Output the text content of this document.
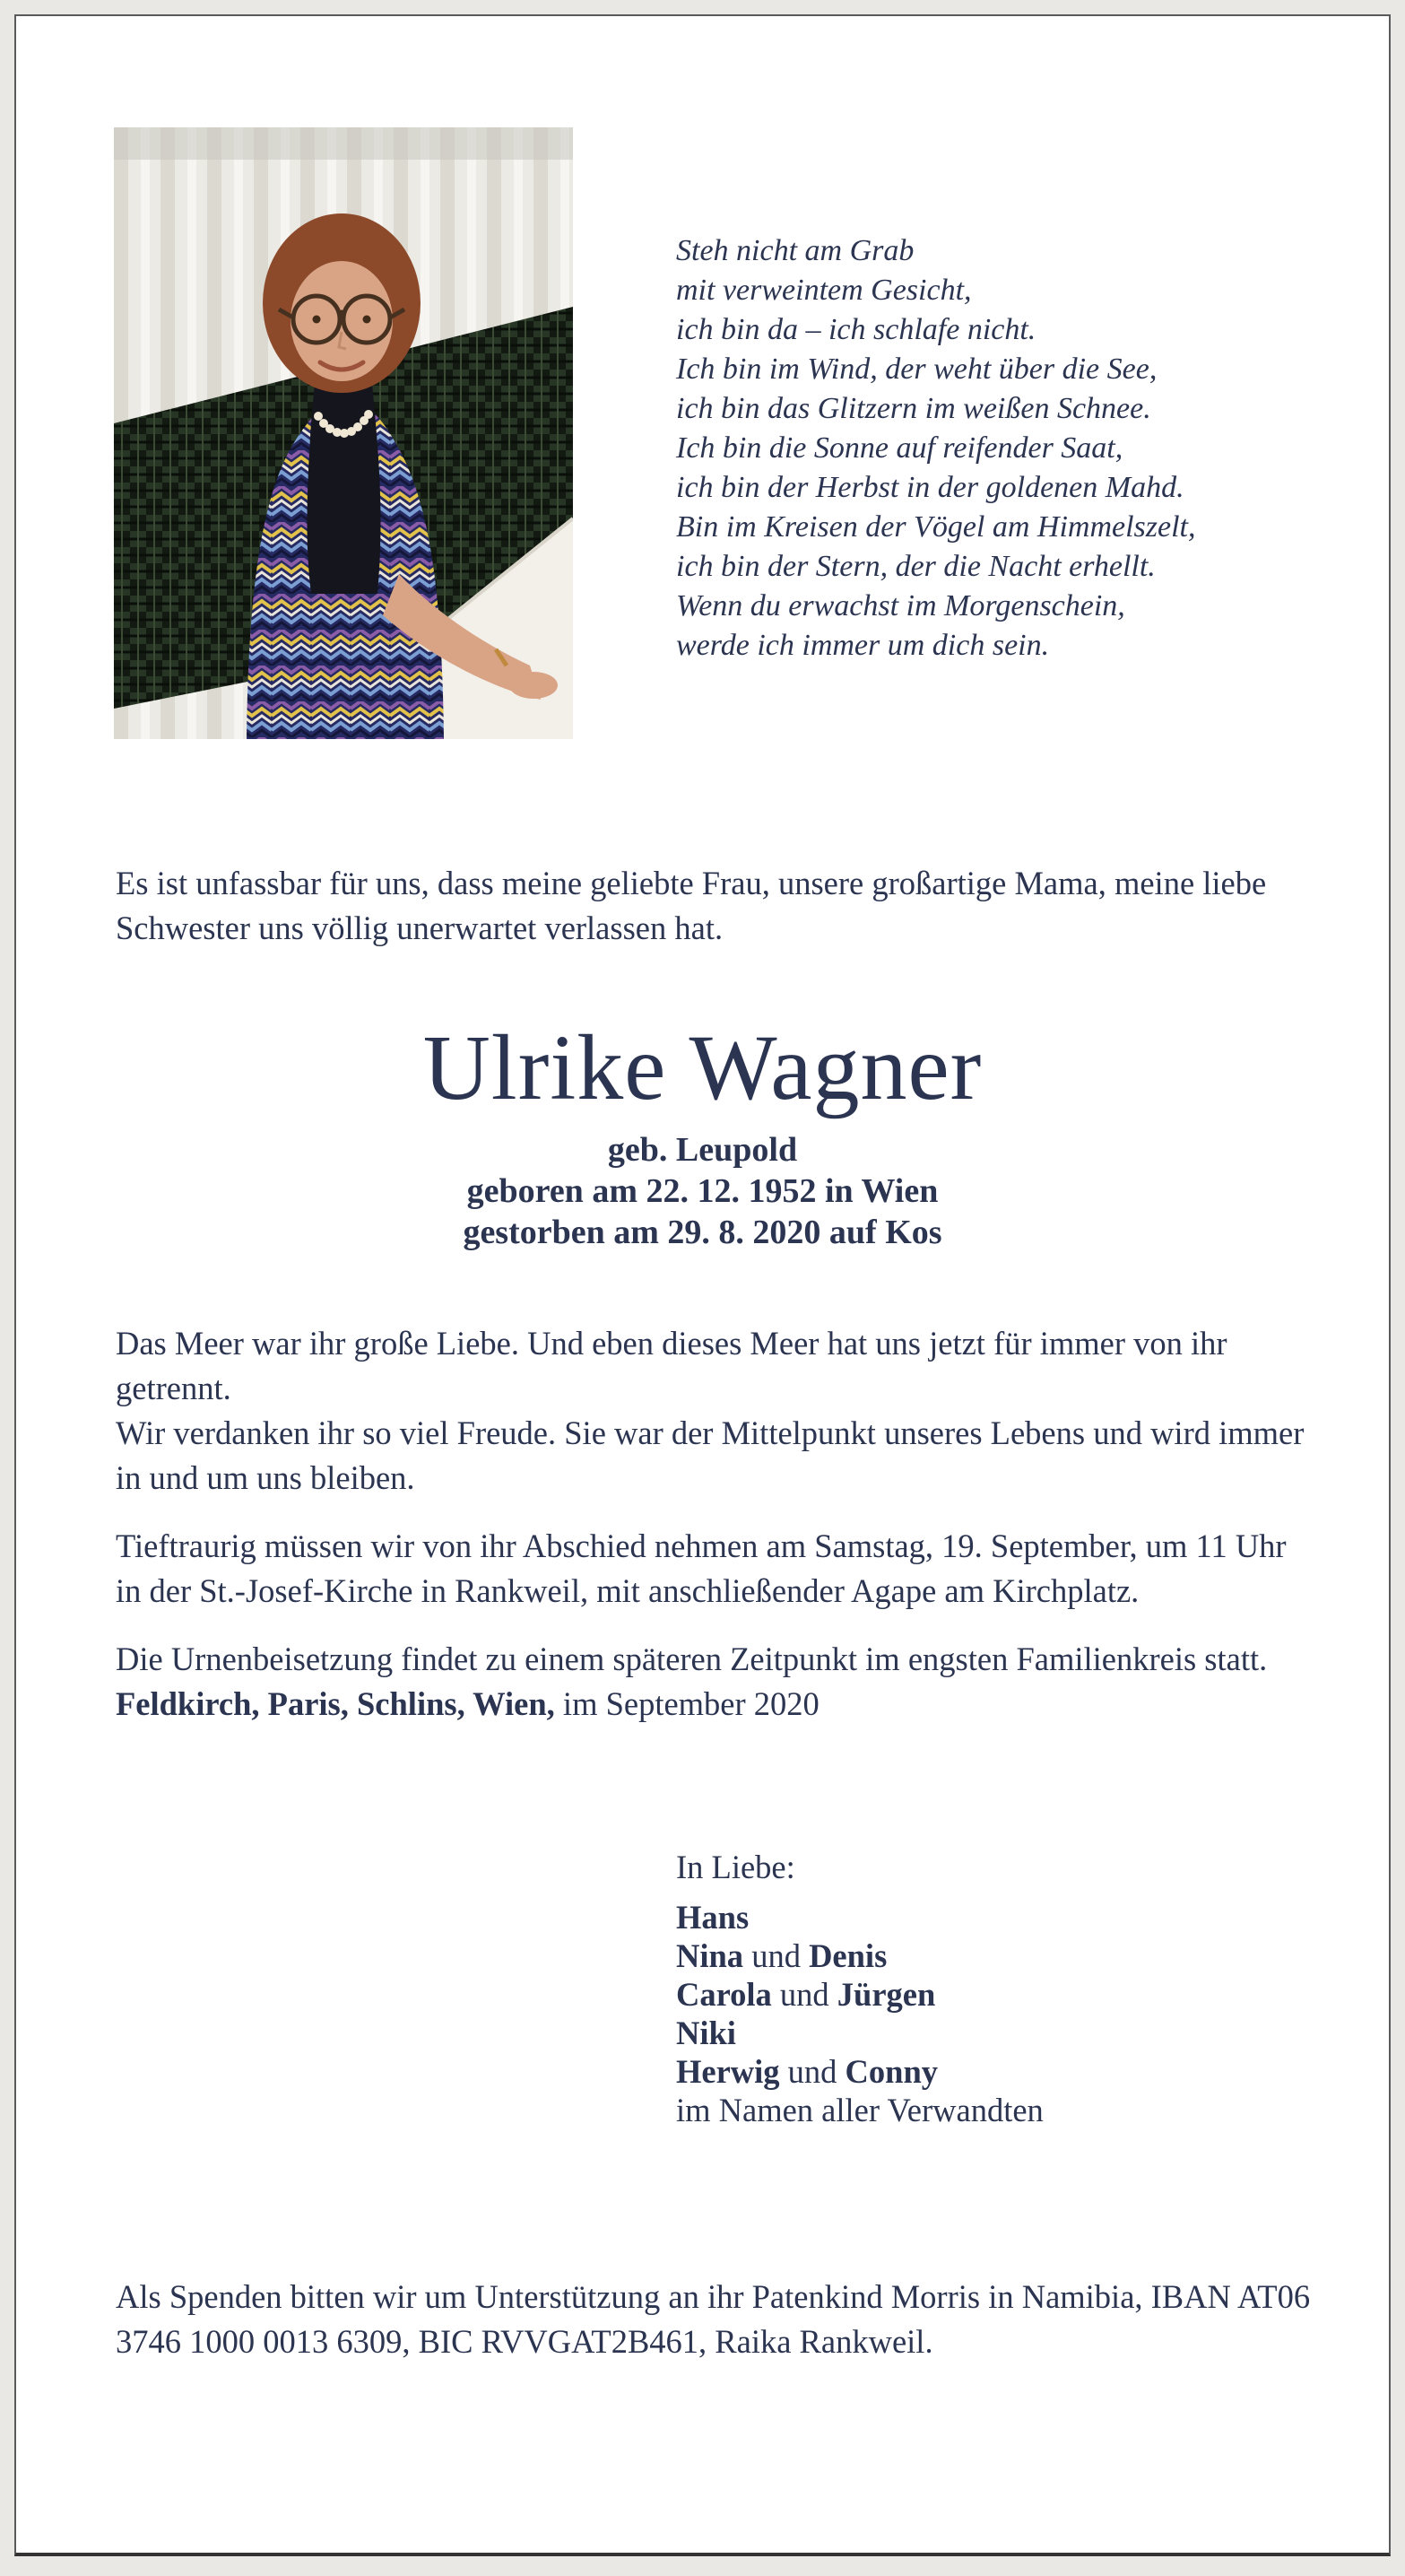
Steh nicht am Grab
mit verweintem Gesicht,
ich bin da – ich schlafe nicht.
Ich bin im Wind, der weht über die See,
ich bin das Glitzern im weißen Schnee.
Ich bin die Sonne auf reifender Saat,
ich bin der Herbst in der goldenen Mahd.
Bin im Kreisen der Vögel am Himmelszelt,
ich bin der Stern, der die Nacht erhellt.
Wenn du erwachst im Morgenschein,
werde ich immer um dich sein.
Es ist unfassbar für uns, dass meine geliebte Frau, unsere großartige Mama, meine liebe Schwester uns völlig unerwartet verlassen hat.
Ulrike Wagner
geb. Leupold
geboren am 22. 12. 1952 in Wien
gestorben am 29. 8. 2020 auf Kos

Das Meer war ihr große Liebe. Und eben dieses Meer hat uns jetzt für immer von ihr getrennt.

Wir verdanken ihr so viel Freude. Sie war der Mittelpunkt unseres Lebens und wird immer in und um uns bleiben.

Tieftraurig müssen wir von ihr Abschied nehmen am Samstag, 19. September, um 11 Uhr in der St.-Josef-Kirche in Rankweil, mit anschließender Agape am Kirchplatz.

Die Urnenbeisetzung findet zu einem späteren Zeitpunkt im engsten Familienkreis statt.

Feldkirch, Paris, Schlins, Wien, im September 2020

In Liebe:
Hans
Nina und Denis
Carola und Jürgen
Niki
Herwig und Conny
im Namen aller Verwandten
Als Spenden bitten wir um Unterstützung an ihr Patenkind Morris in Namibia, IBAN AT06 3746 1000 0013 6309, BIC RVVGAT2B461, Raika Rankweil.
